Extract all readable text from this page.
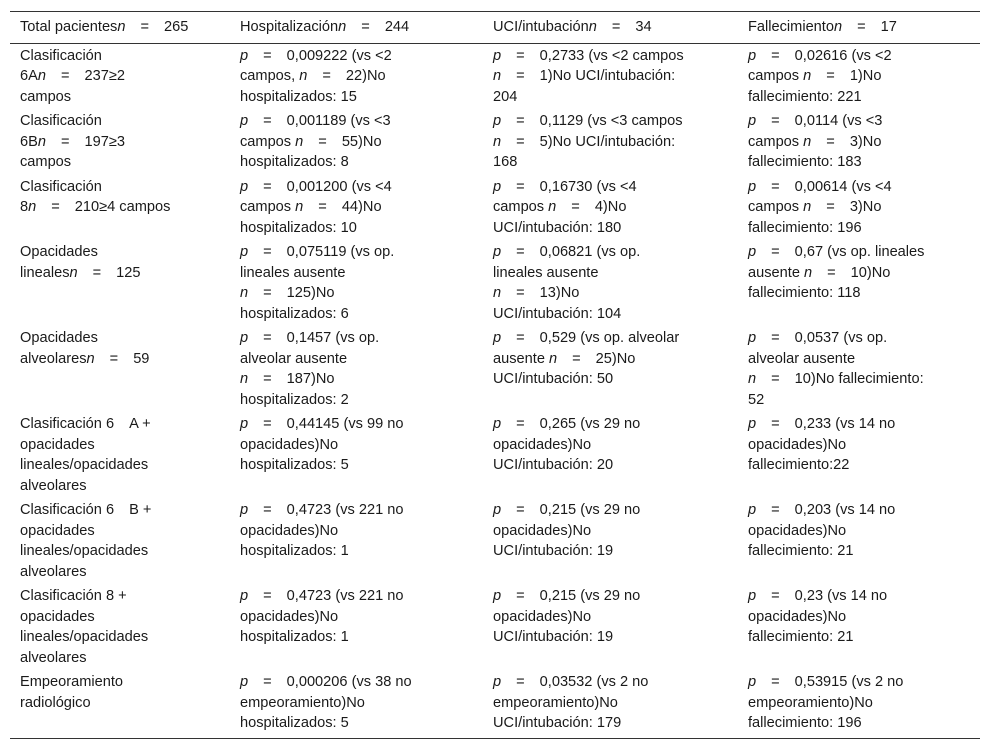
Total pacientesn = 265	Hospitalizaciónn = 244	UCI/intubaciónn = 34	Fallecimienton = 17
Clasificación
6An = 237≥2
campos	p = 0,009222 (vs <2
campos, n = 22)No
hospitalizados: 15	p = 0,2733 (vs <2 campos
n = 1)No UCI/intubación:
204	p = 0,02616 (vs <2
campos n = 1)No
fallecimiento: 221
Clasificación
6Bn = 197≥3
campos	p = 0,001189 (vs <3
campos n = 55)No
hospitalizados: 8	p = 0,1129 (vs <3 campos
n = 5)No UCI/intubación:
168	p = 0,0114 (vs <3
campos n = 3)No
fallecimiento: 183
Clasificación
8n = 210≥4 campos	p = 0,001200 (vs <4
campos n = 44)No
hospitalizados: 10	p = 0,16730 (vs <4
campos n = 4)No
UCI/intubación: 180	p = 0,00614 (vs <4
campos n = 3)No
fallecimiento: 196
Opacidades
linealesn = 125	p = 0,075119 (vs op.
lineales ausente
n = 125)No
hospitalizados: 6	p = 0,06821 (vs op.
lineales ausente
n = 13)No
UCI/intubación: 104	p = 0,67 (vs op. lineales
ausente n = 10)No
fallecimiento: 118
Opacidades
alveolaresn = 59	p = 0,1457 (vs op.
alveolar ausente
n = 187)No
hospitalizados: 2	p = 0,529 (vs op. alveolar
ausente n = 25)No
UCI/intubación: 50	p = 0,0537 (vs op.
alveolar ausente
n = 10)No fallecimiento:
52
Clasificación 6 A +
opacidades
lineales/opacidades
alveolares	p = 0,44145 (vs 99 no
opacidades)No
hospitalizados: 5	p = 0,265 (vs 29 no
opacidades)No
UCI/intubación: 20	p = 0,233 (vs 14 no
opacidades)No
fallecimiento:22
Clasificación 6 B +
opacidades
lineales/opacidades
alveolares	p = 0,4723 (vs 221 no
opacidades)No
hospitalizados: 1	p = 0,215 (vs 29 no
opacidades)No
UCI/intubación: 19	p = 0,203 (vs 14 no
opacidades)No
fallecimiento: 21
Clasificación 8 +
opacidades
lineales/opacidades
alveolares	p = 0,4723 (vs 221 no
opacidades)No
hospitalizados: 1	p = 0,215 (vs 29 no
opacidades)No
UCI/intubación: 19	p = 0,23 (vs 14 no
opacidades)No
fallecimiento: 21
Empeoramiento
radiológico	p = 0,000206 (vs 38 no
empeoramiento)No
hospitalizados: 5	p = 0,03532 (vs 2 no
empeoramiento)No
UCI/intubación: 179	p = 0,53915 (vs 2 no
empeoramiento)No
fallecimiento: 196
